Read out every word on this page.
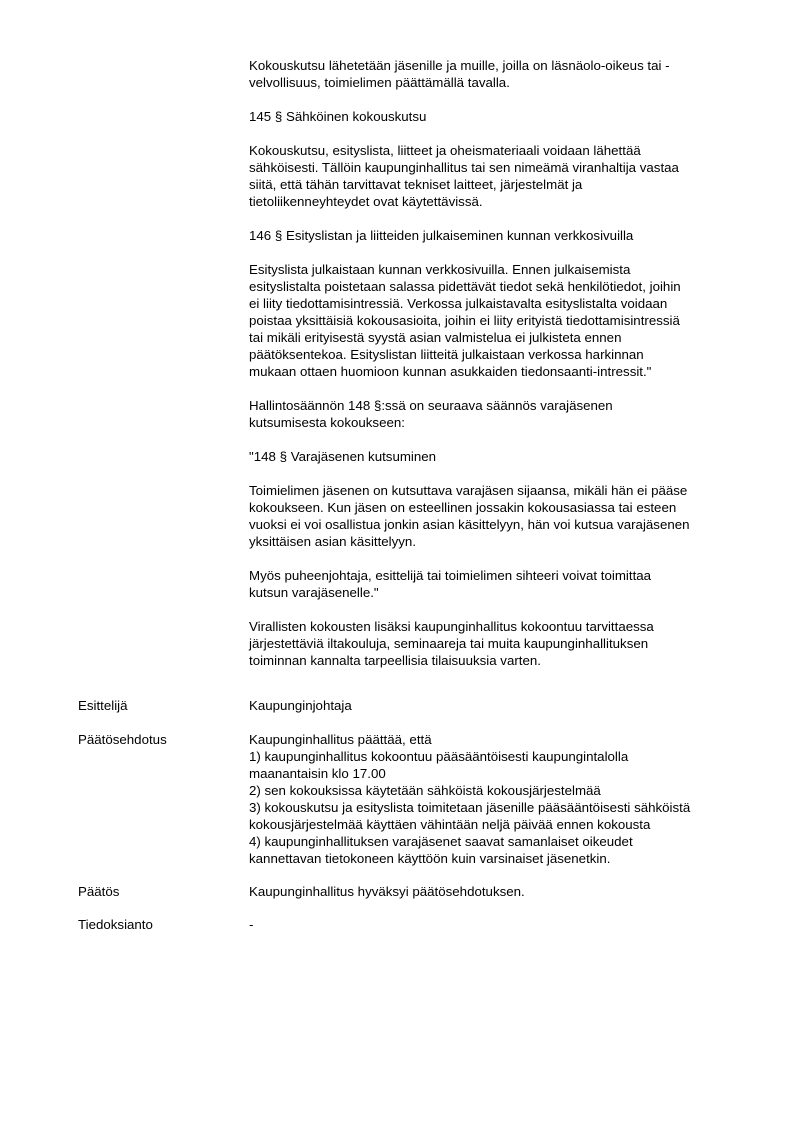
Kokouskutsu lähetetään jäsenille ja muille, joilla on läsnäolo-oikeus tai -
velvollisuus, toimielimen päättämällä tavalla.

145 § Sähköinen kokouskutsu

Kokouskutsu, esityslista, liitteet ja oheismateriaali voidaan lähettää
sähköisesti. Tällöin kaupunginhallitus tai sen nimeämä viranhaltija vastaa
siitä, että tähän tarvittavat tekniset laitteet, järjestelmät ja
tietoliikenneyhteydet ovat käytettävissä.

146 § Esityslistan ja liitteiden julkaiseminen kunnan verkkosivuilla

Esityslista julkaistaan kunnan verkkosivuilla. Ennen julkaisemista
esityslistalta poistetaan salassa pidettävät tiedot sekä henkilötiedot, joihin
ei liity tiedottamisintressiä. Verkossa julkaistavalta esityslistalta voidaan
poistaa yksittäisiä kokousasioita, joihin ei liity erityistä tiedottamisintressiä
tai mikäli erityisestä syystä asian valmistelua ei julkisteta ennen
päätöksentekoa. Esityslistan liitteitä julkaistaan verkossa harkinnan
mukaan ottaen huomioon kunnan asukkaiden tiedonsaanti-intressit."

Hallintosäännön 148 §:ssä on seuraava säännös varajäsenen
kutsumisesta kokoukseen:

"148 § Varajäsenen kutsuminen

Toimielimen jäsenen on kutsuttava varajäsen sijaansa, mikäli hän ei pääse
kokoukseen. Kun jäsen on esteellinen jossakin kokousasiassa tai esteen
vuoksi ei voi osallistua jonkin asian käsittelyyn, hän voi kutsua varajäsenen
yksittäisen asian käsittelyyn.

Myös puheenjohtaja, esittelijä tai toimielimen sihteeri voivat toimittaa
kutsun varajäsenelle."

Virallisten kokousten lisäksi kaupunginhallitus kokoontuu tarvittaessa
järjestettäviä iltakouluja, seminaareja tai muita kaupunginhallituksen
toiminnan kannalta tarpeellisia tilaisuuksia varten.

Esittelijä	Kaupunginjohtaja
Päätösehdotus	Kaupunginhallitus päättää, että
1) kaupunginhallitus kokoontuu pääsääntöisesti kaupungintalolla
maanantaisin klo 17.00
2) sen kokouksissa käytetään sähköistä kokousjärjestelmää
3) kokouskutsu ja esityslista toimitetaan jäsenille pääsääntöisesti sähköistä
kokousjärjestelmää käyttäen vähintään neljä päivää ennen kokousta
4) kaupunginhallituksen varajäsenet saavat samanlaiset oikeudet
kannettavan tietokoneen käyttöön kuin varsinaiset jäsenetkin.
Päätös	Kaupunginhallitus hyväksyi päätösehdotuksen.
Tiedoksianto	-
